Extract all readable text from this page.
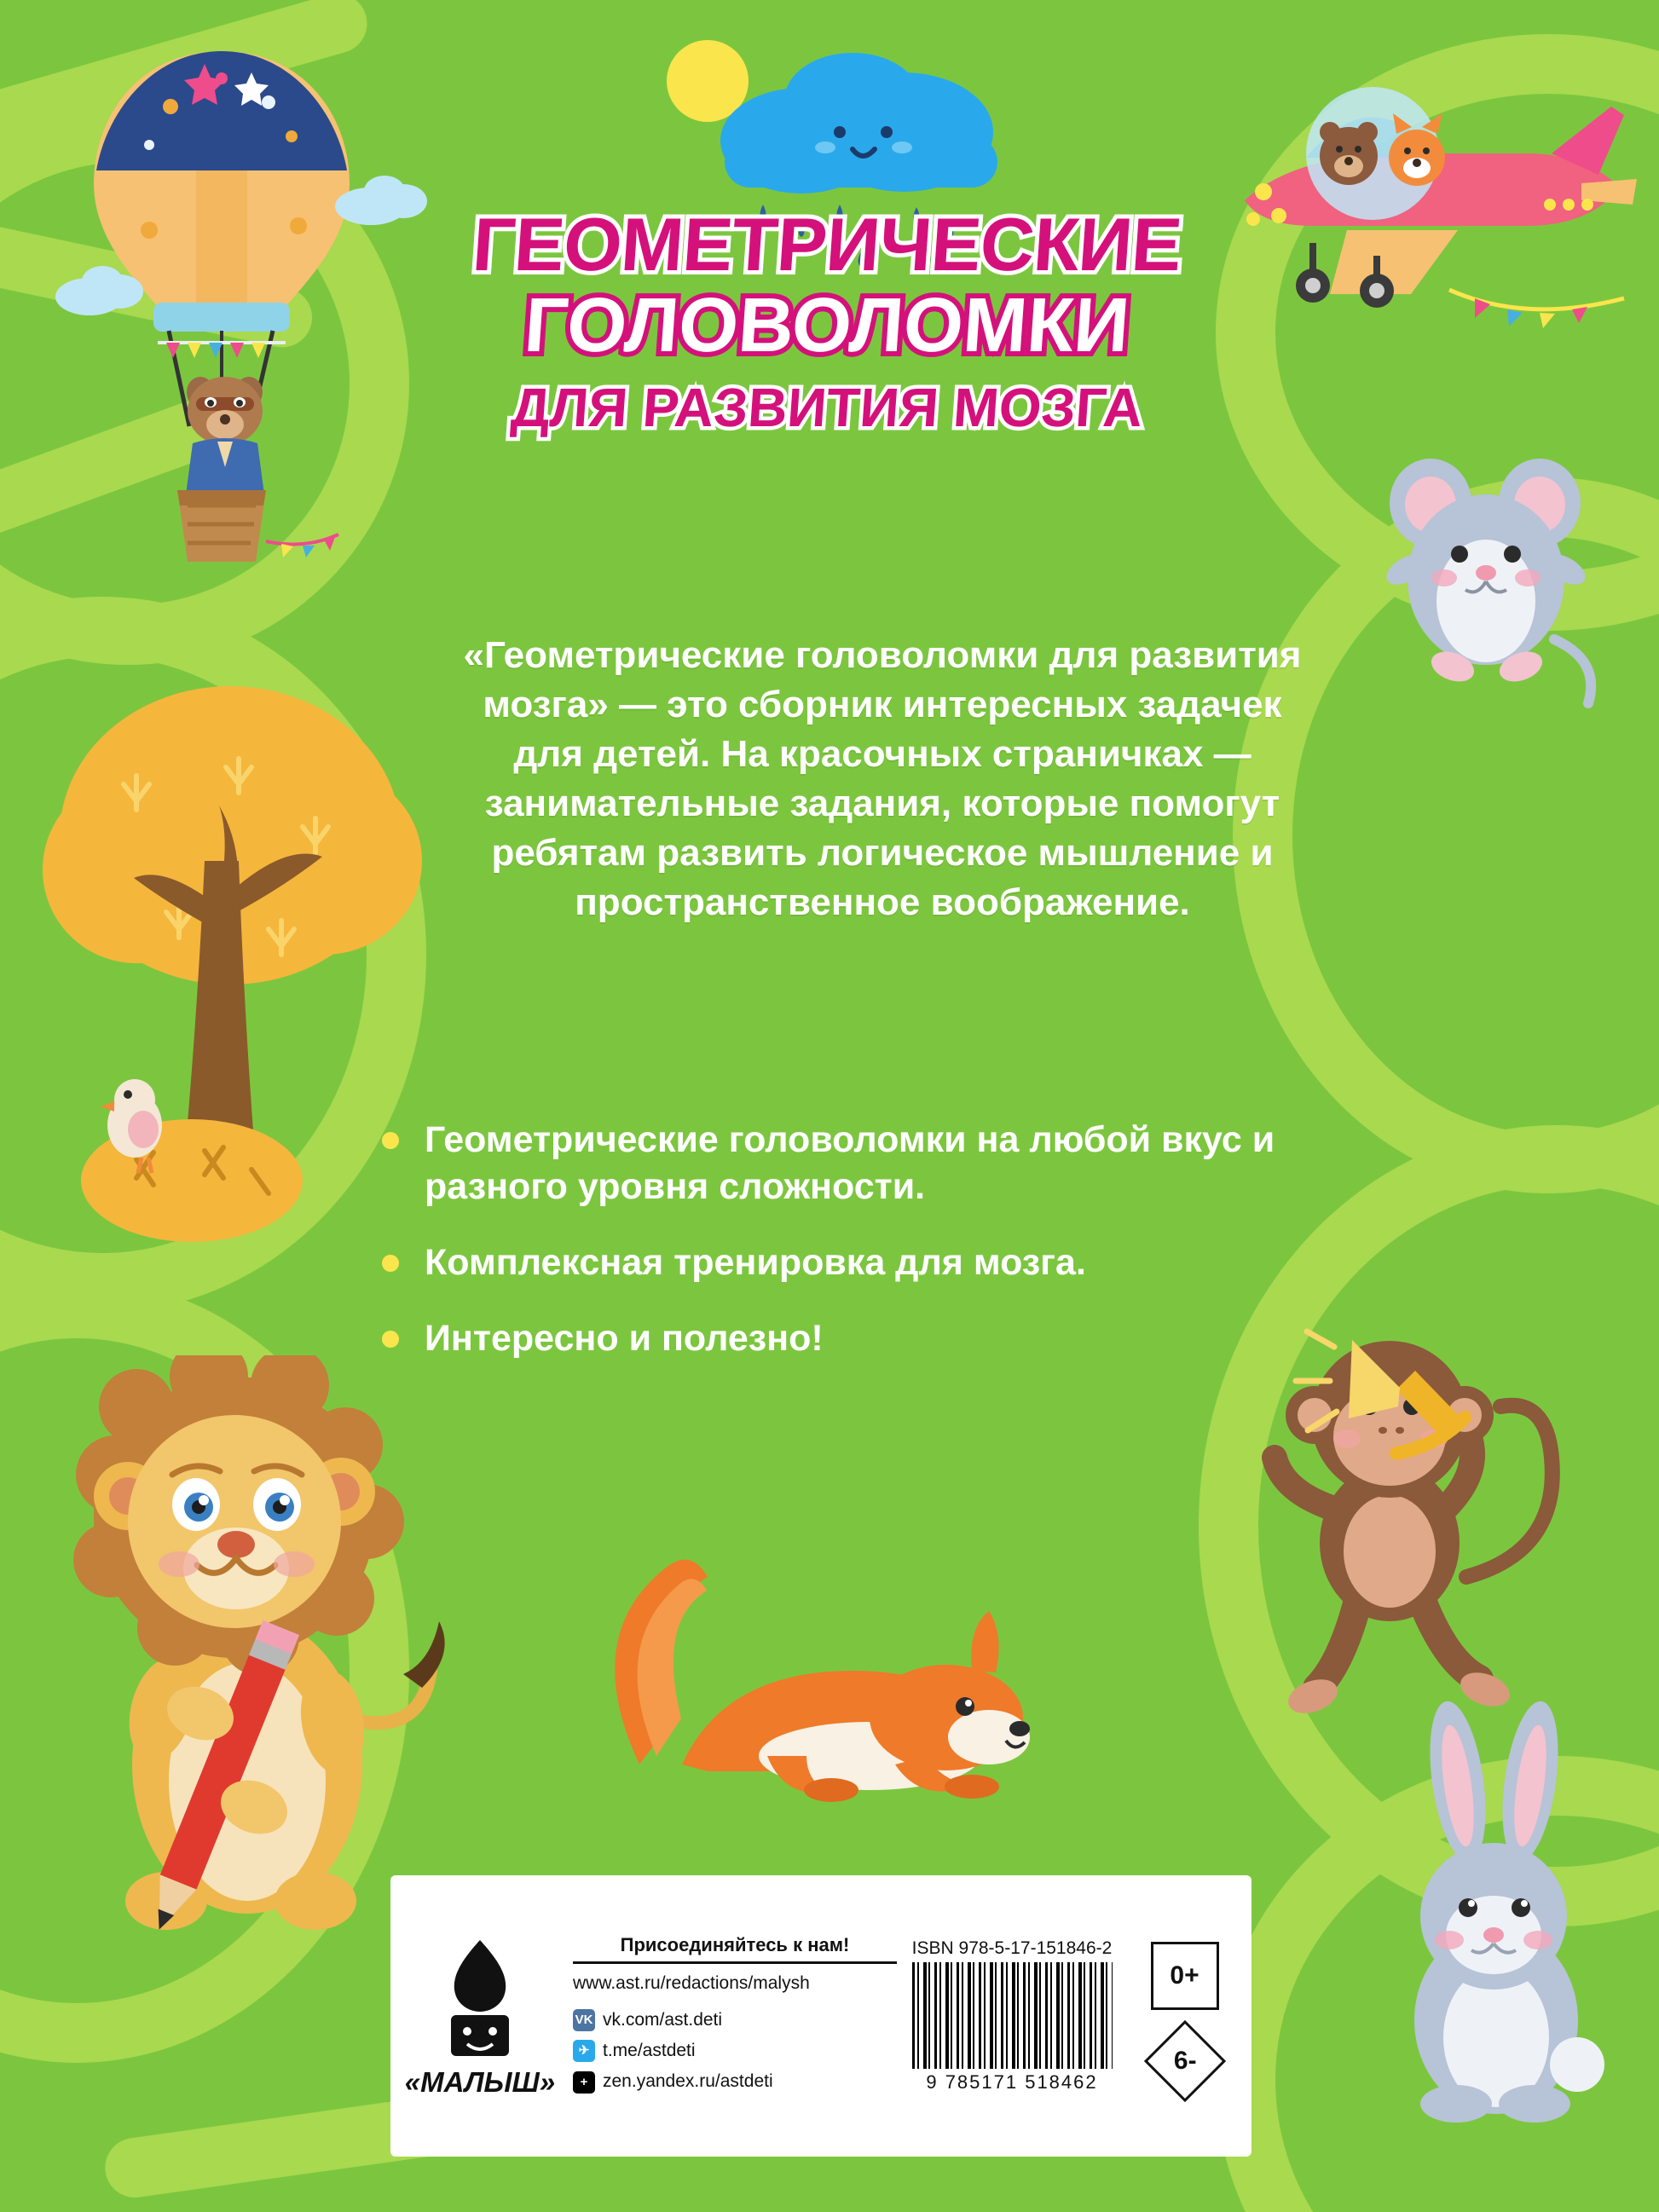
ГЕОМЕТРИЧЕСКИЕ
ГОЛОВОЛОМКИ
ДЛЯ РАЗВИТИЯ МОЗГА
«Геометрические головоломки для развития мозга» — это сборник интересных задачек для детей. На красочных страничках — занимательные задания, которые помогут ребятам развить логическое мышление и пространственное воображение.
Геометрические головоломки на любой вкус и разного уровня сложности.
Комплексная тренировка для мозга.
Интересно и полезно!
«МАЛЫШ»
Присоединяйтесь к нам!
www.ast.ru/redactions/malysh
VK vk.com/ast.deti
✈ t.me/astdeti
+ zen.yandex.ru/astdeti
ISBN 978-5-17-151846-2
9 785171 518462
0+
6-
